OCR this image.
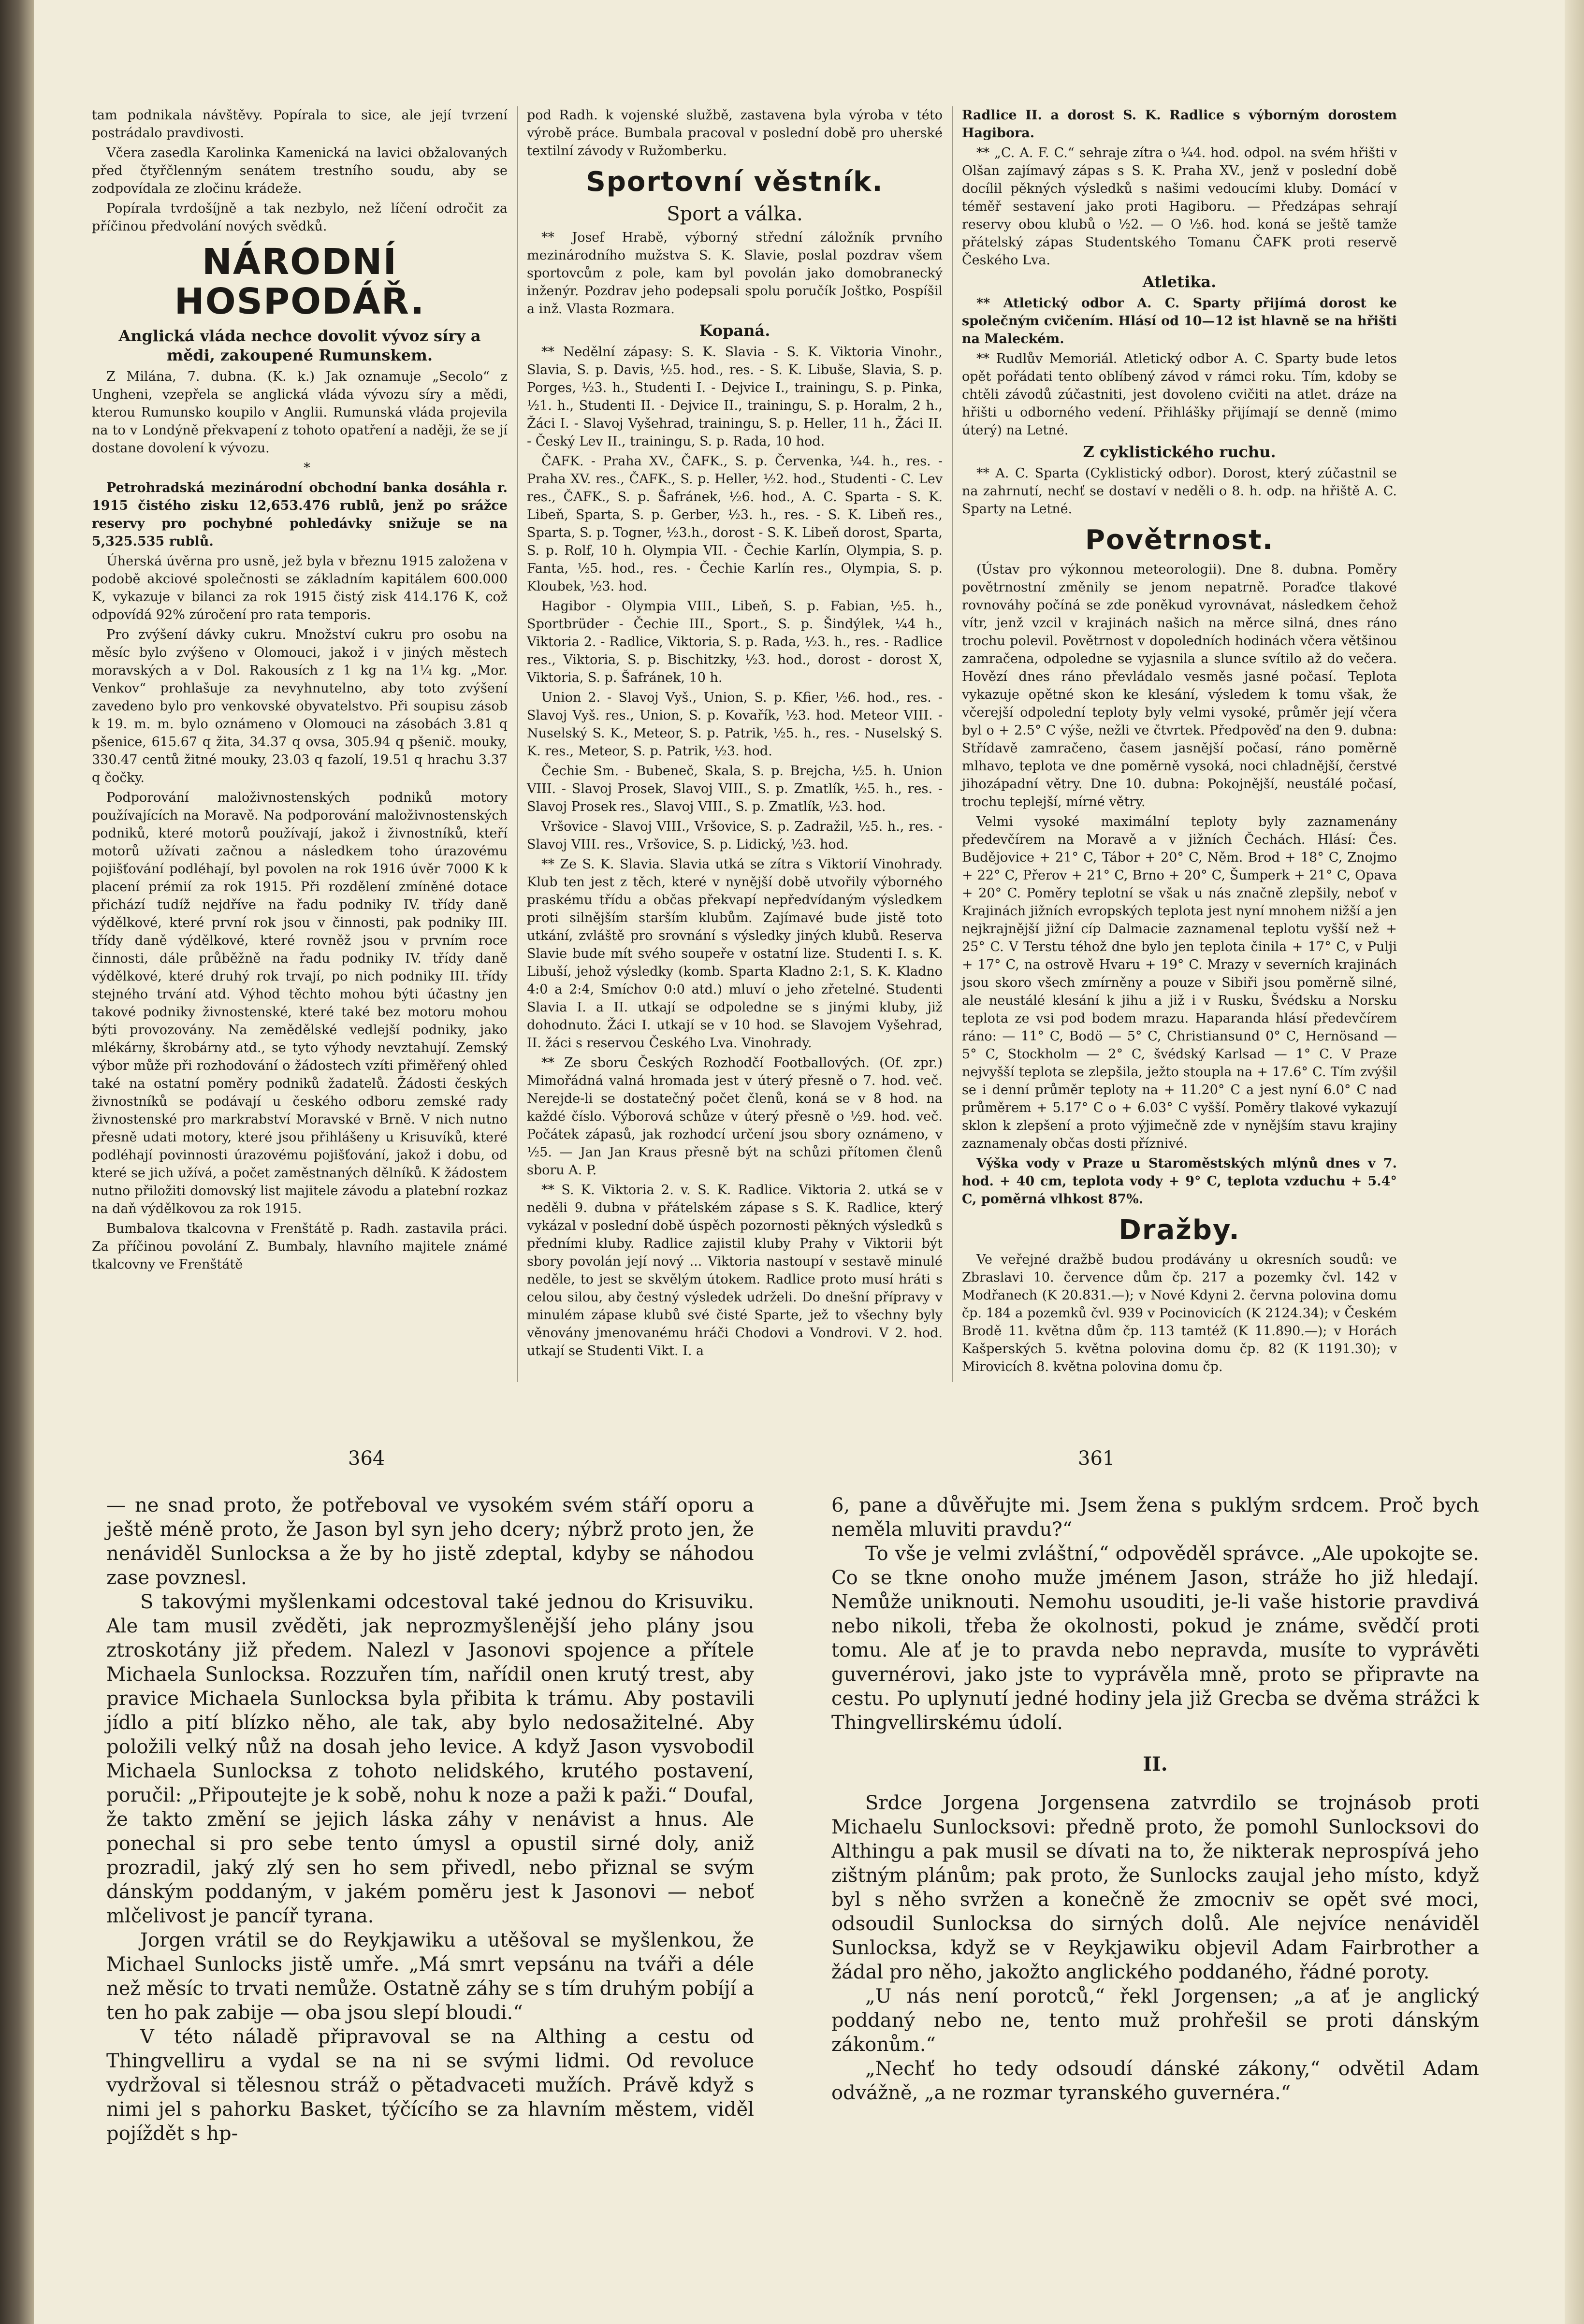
tam podnikala návštěvy. Popírala to sice, ale její tvrzení postrádalo pravdivosti.

Včera zasedla Karolinka Kamenická na lavici obžalovaných před čtyřčlenným senátem trestního soudu, aby se zodpovídala ze zločinu krádeže.

Popírala tvrdošíjně a tak nezbylo, než líčení odročit za příčinou předvolání nových svědků.

NÁRODNÍ HOSPODÁŘ.
Anglická vláda nechce dovolit vývoz síry a mědi, zakoupené Rumunskem.

Z Milána, 7. dubna. (K. k.) Jak oznamuje „Secolo“ z Ungheni, vzepřela se anglická vláda vývozu síry a mědi, kterou Rumunsko koupilo v Anglii. Rumunská vláda projevila na to v Londýně překvapení z tohoto opatření a naději, že se jí dostane dovolení k vývozu.

*

Petrohradská mezinárodní obchodní banka dosáhla r. 1915 čistého zisku 12,653.476 rublů, jenž po srážce reservy pro pochybné pohledávky snižuje se na 5,325.535 rublů.

Úherská úvěrna pro usně, jež byla v březnu 1915 založena v podobě akciové společnosti se základním kapitálem 600.000 K, vykazuje v bilanci za rok 1915 čistý zisk 414.176 K, což odpovídá 92% zúročení pro rata temporis.

Pro zvýšení dávky cukru. Množství cukru pro osobu na měsíc bylo zvýšeno v Olomouci, jakož i v jiných městech moravských a v Dol. Rakousích z 1 kg na 1¼ kg. „Mor. Venkov“ prohlašuje za nevyhnutelno, aby toto zvýšení zavedeno bylo pro venkovské obyvatelstvo. Při soupisu zásob k 19. m. m. bylo oznámeno v Olomouci na zásobách 3.81 q pšenice, 615.67 q žita, 34.37 q ovsa, 305.94 q pšenič. mouky, 330.47 centů žitné mouky, 23.03 q fazolí, 19.51 q hrachu 3.37 q čočky.

Podporování maloživnostenských podniků motory používajících na Moravě. Na podporování maloživnostenských podniků, které motorů používají, jakož i živnostníků, kteří motorů užívati začnou a následkem toho úrazovému pojišťování podléhají, byl povolen na rok 1916 úvěr 7000 K k placení prémií za rok 1915. Při rozdělení zmíněné dotace přichází tudíž nejdříve na řadu podniky IV. třídy daně výdělkové, které první rok jsou v činnosti, pak podniky III. třídy daně výdělkové, které rovněž jsou v prvním roce činnosti, dále průběžně na řadu podniky IV. třídy daně výdělkové, které druhý rok trvají, po nich podniky III. třídy stejného trvání atd. Výhod těchto mohou býti účastny jen takové podniky živnostenské, které také bez motoru mohou býti provozovány. Na zemědělské vedlejší podniky, jako mlékárny, škrobárny atd., se tyto výhody nevztahují. Zemský výbor může při rozhodování o žádostech vzíti přiměřený ohled také na ostatní poměry podniků žadatelů. Žádosti českých živnostníků se podávají u českého odboru zemské rady živnostenské pro markrabství Moravské v Brně. V nich nutno přesně udati motory, které jsou přihlášeny u Krisuvíků, které podléhají povinnosti úrazovému pojišťování, jakož i dobu, od které se jich užívá, a počet zaměstnaných dělníků. K žádostem nutno přiložiti domovský list majitele závodu a platební rozkaz na daň výdělkovou za rok 1915.

Bumbalova tkalcovna v Frenštátě p. Radh. zastavila práci. Za příčinou povolání Z. Bumbaly, hlavního majitele známé tkalcovny ve Frenštátě

pod Radh. k vojenské službě, zastavena byla výroba v této výrobě práce. Bumbala pracoval v poslední době pro uherské textilní závody v Ružomberku.

Sportovní věstník.
Sport a válka.

** Josef Hrabě, výborný střední záložník prvního mezinárodního mužstva S. K. Slavie, poslal pozdrav všem sportovcům z pole, kam byl povolán jako domobranecký inženýr. Pozdrav jeho podepsali spolu poručík Joštko, Pospíšil a inž. Vlasta Rozmara.

Kopaná.

** Nedělní zápasy: S. K. Slavia - S. K. Viktoria Vinohr., Slavia, S. p. Davis, ½5. hod., res. - S. K. Libuše, Slavia, S. p. Porges, ½3. h., Studenti I. - Dejvice I., trainingu, S. p. Pinka, ½1. h., Studenti II. - Dejvice II., trainingu, S. p. Horalm, 2 h., Žáci I. - Slavoj Vyšehrad, trainingu, S. p. Heller, 11 h., Žáci II. - Český Lev II., trainingu, S. p. Rada, 10 hod.

ČAFK. - Praha XV., ČAFK., S. p. Červenka, ¼4. h., res. - Praha XV. res., ČAFK., S. p. Heller, ½2. hod., Studenti - C. Lev res., ČAFK., S. p. Šafránek, ½6. hod., A. C. Sparta - S. K. Libeň, Sparta, S. p. Gerber, ½3. h., res. - S. K. Libeň res., Sparta, S. p. Togner, ½3.h., dorost - S. K. Libeň dorost, Sparta, S. p. Rolf, 10 h. Olympia VII. - Čechie Karlín, Olympia, S. p. Fanta, ½5. hod., res. - Čechie Karlín res., Olympia, S. p. Kloubek, ½3. hod.

Hagibor - Olympia VIII., Libeň, S. p. Fabian, ½5. h., Sportbrüder - Čechie III., Sport., S. p. Šindýlek, ¼4 h., Viktoria 2. - Radlice, Viktoria, S. p. Rada, ½3. h., res. - Radlice res., Viktoria, S. p. Bischitzky, ½3. hod., dorost - dorost X, Viktoria, S. p. Šafránek, 10 h.

Union 2. - Slavoj Vyš., Union, S. p. Kfier, ½6. hod., res. - Slavoj Vyš. res., Union, S. p. Kovařík, ½3. hod. Meteor VIII. - Nuselský S. K., Meteor, S. p. Patrik, ½5. h., res. - Nuselský S. K. res., Meteor, S. p. Patrik, ½3. hod.

Čechie Sm. - Bubeneč, Skala, S. p. Brejcha, ½5. h. Union VIII. - Slavoj Prosek, Slavoj VIII., S. p. Zmatlík, ½5. h., res. - Slavoj Prosek res., Slavoj VIII., S. p. Zmatlík, ½3. hod.

Vršovice - Slavoj VIII., Vršovice, S. p. Zadražil, ½5. h., res. - Slavoj VIII. res., Vršovice, S. p. Lidický, ½3. hod.

** Ze S. K. Slavia. Slavia utká se zítra s Viktorií Vinohrady. Klub ten jest z těch, které v nynější době utvořily výborného praskému třídu a občas překvapí nepředvídaným výsledkem proti silnějším starším klubům. Zajímavé bude jistě toto utkání, zvláště pro srovnání s výsledky jiných klubů. Reserva Slavie bude mít svého soupeře v ostatní lize. Studenti I. s. K. Libuší, jehož výsledky (komb. Sparta Kladno 2:1, S. K. Kladno 4:0 a 2:4, Smíchov 0:0 atd.) mluví o jeho zřetelné. Studenti Slavia I. a II. utkají se odpoledne se s jinými kluby, již dohodnuto. Žáci I. utkají se v 10 hod. se Slavojem Vyšehrad, II. žáci s reservou Českého Lva. Vinohrady.

** Ze sboru Českých Rozhodčí Footballových. (Of. zpr.) Mimořádná valná hromada jest v úterý přesně o 7. hod. več. Nerejde-li se dostatečný počet členů, koná se v 8 hod. na každé číslo. Výborová schůze v úterý přesně o ½9. hod. več. Počátek zápasů, jak rozhodcí určení jsou sbory oznámeno, v ½5. — Jan Jan Kraus přesně být na schůzi přítomen členů sboru A. P.

** S. K. Viktoria 2. v. S. K. Radlice. Viktoria 2. utká se v neděli 9. dubna v přátelském zápase s S. K. Radlice, který vykázal v poslední době úspěch pozornosti pěkných výsledků s předními kluby. Radlice zajistil kluby Prahy v Viktorii být sbory povolán její nový ... Viktoria nastoupí v sestavě minulé neděle, to jest se skvělým útokem. Radlice proto musí hráti s celou silou, aby čestný výsledek udrželi. Do dnešní přípravy v minulém zápase klubů své čisté Sparte, jež to všechny byly věnovány jmenovanému hráči Chodovi a Vondrovi. V 2. hod. utkají se Studenti Vikt. I. a

Radlice II. a dorost S. K. Radlice s výborným dorostem Hagibora.

** „C. A. F. C.“ sehraje zítra o ¼4. hod. odpol. na svém hřišti v Olšan zajímavý zápas s S. K. Praha XV., jenž v poslední době docílil pěkných výsledků s našimi vedoucími kluby. Domácí v téměř sestavení jako proti Hagiboru. — Předzápas sehrají reservy obou klubů o ½2. — O ½6. hod. koná se ještě tamže přátelský zápas Studentského Tomanu ČAFK proti reservě Českého Lva.

Atletika.

** Atletický odbor A. C. Sparty přijímá dorost ke společným cvičením. Hlásí od 10—12 ist hlavně se na hřišti na Maleckém.

** Rudlův Memoriál. Atletický odbor A. C. Sparty bude letos opět pořádati tento oblíbený závod v rámci roku. Tím, kdoby se chtěli závodů zúčastniti, jest dovoleno cvičiti na atlet. dráze na hřišti u odborného vedení. Přihlášky přijímají se denně (mimo úterý) na Letné.

Z cyklistického ruchu.

** A. C. Sparta (Cyklistický odbor). Dorost, který zúčastnil se na zahrnutí, nechť se dostaví v neděli o 8. h. odp. na hřiště A. C. Sparty na Letné.

Povětrnost.

(Ústav pro výkonnou meteorologii). Dne 8. dubna. Poměry povětrnostní změnily se jenom nepatrně. Poraďce tlakové rovnováhy počíná se zde poněkud vyrovnávat, následkem čehož vítr, jenž vzcil v krajinách našich na měrce silná, dnes ráno trochu polevil. Povětrnost v dopoledních hodinách včera většinou zamračena, odpoledne se vyjasnila a slunce svítilo až do večera. Hovězí dnes ráno převládalo vesměs jasné počasí. Teplota vykazuje opětné skon ke klesání, výsledem k tomu však, že včerejší odpolední teploty byly velmi vysoké, průměr její včera byl o + 2.5° C výše, nežli ve čtvrtek. Předpověď na den 9. dubna: Střídavě zamračeno, časem jasnější počasí, ráno poměrně mlhavo, teplota ve dne poměrně vysoká, noci chladnější, čerstvé jihozápadní větry. Dne 10. dubna: Pokojnější, neustálé počasí, trochu teplejší, mírné větry.

Velmi vysoké maximální teploty byly zaznamenány předevčírem na Moravě a v jižních Čechách. Hlásí: Čes. Budějovice + 21° C, Tábor + 20° C, Něm. Brod + 18° C, Znojmo + 22° C, Přerov + 21° C, Brno + 20° C, Šumperk + 21° C, Opava + 20° C. Poměry teplotní se však u nás značně zlepšily, neboť v Krajinách jižních evropských teplota jest nyní mnohem nižší a jen nejkrajnější jižní cíp Dalmacie zaznamenal teplotu vyšší než + 25° C. V Terstu téhož dne bylo jen teplota činila + 17° C, v Pulji + 17° C, na ostrově Hvaru + 19° C. Mrazy v severních krajinách jsou skoro všech zmírněny a pouze v Sibiři jsou poměrně silné, ale neustálé klesání k jihu a již i v Rusku, Švédsku a Norsku teplota ze vsi pod bodem mrazu. Haparanda hlásí předevčírem ráno: — 11° C, Bodö — 5° C, Christiansund 0° C, Hernösand — 5° C, Stockholm — 2° C, švédský Karlsad — 1° C. V Praze nejvyšší teplota se zlepšila, ježto stoupla na + 17.6° C. Tím zvýšil se i denní průměr teploty na + 11.20° C a jest nyní 6.0° C nad průměrem + 5.17° C o + 6.03° C vyšší. Poměry tlakové vykazují sklon k zlepšení a proto výjimečně zde v nynějším stavu krajiny zaznamenaly občas dosti příznivé.

Výška vody v Praze u Staroměstských mlýnů dnes v 7. hod. + 40 cm, teplota vody + 9° C, teplota vzduchu + 5.4° C, poměrná vlhkost 87%.

Dražby.

Ve veřejné dražbě budou prodávány u okresních soudů: ve Zbraslavi 10. července dům čp. 217 a pozemky čvl. 142 v Modřanech (K 20.831.—); v Nové Kdyni 2. června polovina domu čp. 184 a pozemků čvl. 939 v Pocinovicích (K 2124.34); v Českém Brodě 11. května dům čp. 113 tamtéž (K 11.890.—); v Horách Kašperských 5. května polovina domu čp. 82 (K 1191.30); v Mirovicích 8. května polovina domu čp.

364	361

— ne snad proto, že potřeboval ve vysokém svém stáří oporu a ještě méně proto, že Jason byl syn jeho dcery; nýbrž proto jen, že nenáviděl Sunlocksa a že by ho jistě zdeptal, kdyby se náhodou zase povznesl.

S takovými myšlenkami odcestoval také jednou do Krisuviku. Ale tam musil zvěděti, jak neprozmyšlenější jeho plány jsou ztroskotány již předem. Nalezl v Jasonovi spojence a přítele Michaela Sunlocksa. Rozzuřen tím, nařídil onen krutý trest, aby pravice Michaela Sunlocksa byla přibita k trámu. Aby postavili jídlo a pití blízko něho, ale tak, aby bylo nedosažitelné. Aby položili velký nůž na dosah jeho levice. A když Jason vysvobodil Michaela Sunlocksa z tohoto nelidského, krutého postavení, poručil: „Připoutejte je k sobě, nohu k noze a paži k paži.“ Doufal, že takto změní se jejich láska záhy v nenávist a hnus. Ale ponechal si pro sebe tento úmysl a opustil sirné doly, aniž prozradil, jaký zlý sen ho sem přivedl, nebo přiznal se svým dánským poddaným, v jakém poměru jest k Jasonovi — neboť mlčelivost je pancíř tyrana.

Jorgen vrátil se do Reykjawiku a utěšoval se myšlenkou, že Michael Sunlocks jistě umře. „Má smrt vepsánu na tváři a déle než měsíc to trvati nemůže. Ostatně záhy se s tím druhým pobíjí a ten ho pak zabije — oba jsou slepí bloudi.“

V této náladě připravoval se na Althing a cestu od Thingvelliru a vydal se na ni se svými lidmi. Od revoluce vydržoval si tělesnou stráž o pětadvaceti mužích. Právě když s nimi jel s pahorku Basket, týčícího se za hlavním městem, viděl pojíždět s hp-

6, pane a důvěřujte mi. Jsem žena s puklým srdcem. Proč bych neměla mluviti pravdu?“

To vše je velmi zvláštní,“ odpověděl správce. „Ale upokojte se. Co se tkne onoho muže jménem Jason, stráže ho již hledají. Nemůže uniknouti. Nemohu usouditi, je-li vaše historie pravdivá nebo nikoli, třeba že okolnosti, pokud je známe, svědčí proti tomu. Ale ať je to pravda nebo nepravda, musíte to vyprávěti guvernérovi, jako jste to vyprávěla mně, proto se připravte na cestu. Po uplynutí jedné hodiny jela již Grecba se dvěma strážci k Thingvellirskému údolí.

II.

Srdce Jorgena Jorgensena zatvrdilo se trojnásob proti Michaelu Sunlocksovi: předně proto, že pomohl Sunlocksovi do Althingu a pak musil se dívati na to, že nikterak neprospívá jeho zištným plánům; pak proto, že Sunlocks zaujal jeho místo, když byl s něho svržen a konečně že zmocniv se opět své moci, odsoudil Sunlocksa do sirných dolů. Ale nejvíce nenáviděl Sunlocksa, když se v Reykjawiku objevil Adam Fairbrother a žádal pro něho, jakožto anglického poddaného, řádné poroty.

„U nás není porotců,“ řekl Jorgensen; „a ať je anglický poddaný nebo ne, tento muž prohřešil se proti dánským zákonům.“

„Nechť ho tedy odsoudí dánské zákony,“ odvětil Adam odvážně, „a ne rozmar tyranského guvernéra.“
